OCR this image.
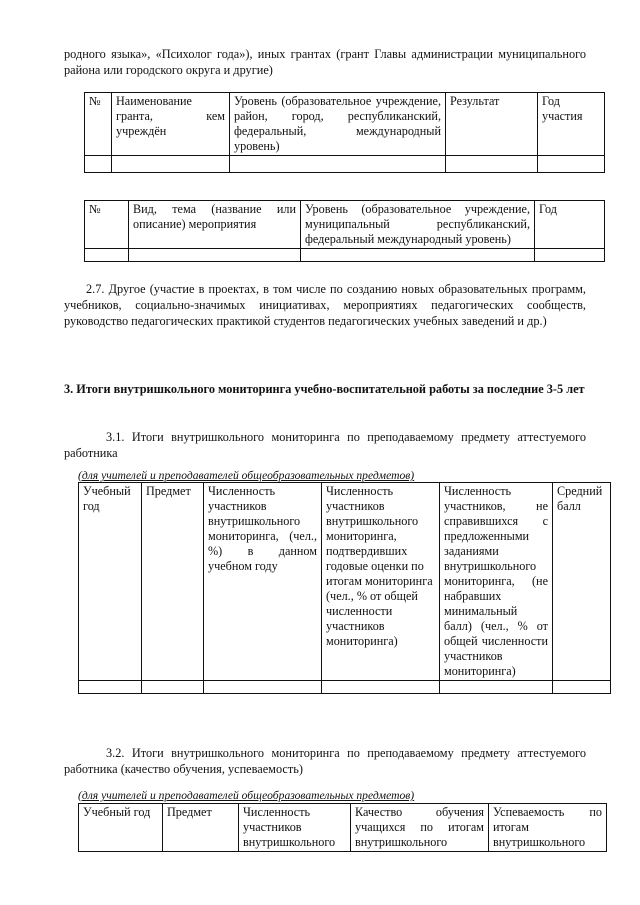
родного языка», «Психолог года»), иных грантах (грант Главы администрации муниципального района или городского округа и другие)

№	Наименование гранта, кем учреждён	Уровень (образовательное учреждение, район, город, республиканский, федеральный, международный уровень)	Результат	Год участия

№	Вид, тема (название или описание) мероприятия	Уровень (образовательное учреждение, муниципальный республиканский, федеральный международный уровень)	Год

2.7. Другое (участие в проектах, в том числе по созданию новых образовательных программ, учебников, социально-значимых инициативах, мероприятиях педагогических сообществ, руководство педагогических практикой студентов педагогических учебных заведений и др.)

3. Итоги внутришкольного мониторинга учебно-воспитательной работы за последние 3-5 лет

3.1. Итоги внутришкольного мониторинга по преподаваемому предмету аттестуемого работника

(для учителей и преподавателей общеобразовательных предметов)
Учебный год	Предмет	Численность участников внутришкольного мониторинга, (чел., %) в данном учебном году	Численность участников внутришкольного мониторинга, подтвердивших годовые оценки по итогам мониторинга (чел., % от общей численности участников мониторинга)	Численность участников, не справившихся с предложенными заданиями внутришкольного мониторинга, (не набравших минимальный балл) (чел., % от общей численности участников мониторинга)	Средний балл

3.2. Итоги внутришкольного мониторинга по преподаваемому предмету аттестуемого работника (качество обучения, успеваемость)

(для учителей и преподавателей общеобразовательных предметов)
Учебный год	Предмет	Численность участников внутришкольного	Качество обучения учащихся по итогам внутришкольного	Успеваемость по итогам внутришкольного
